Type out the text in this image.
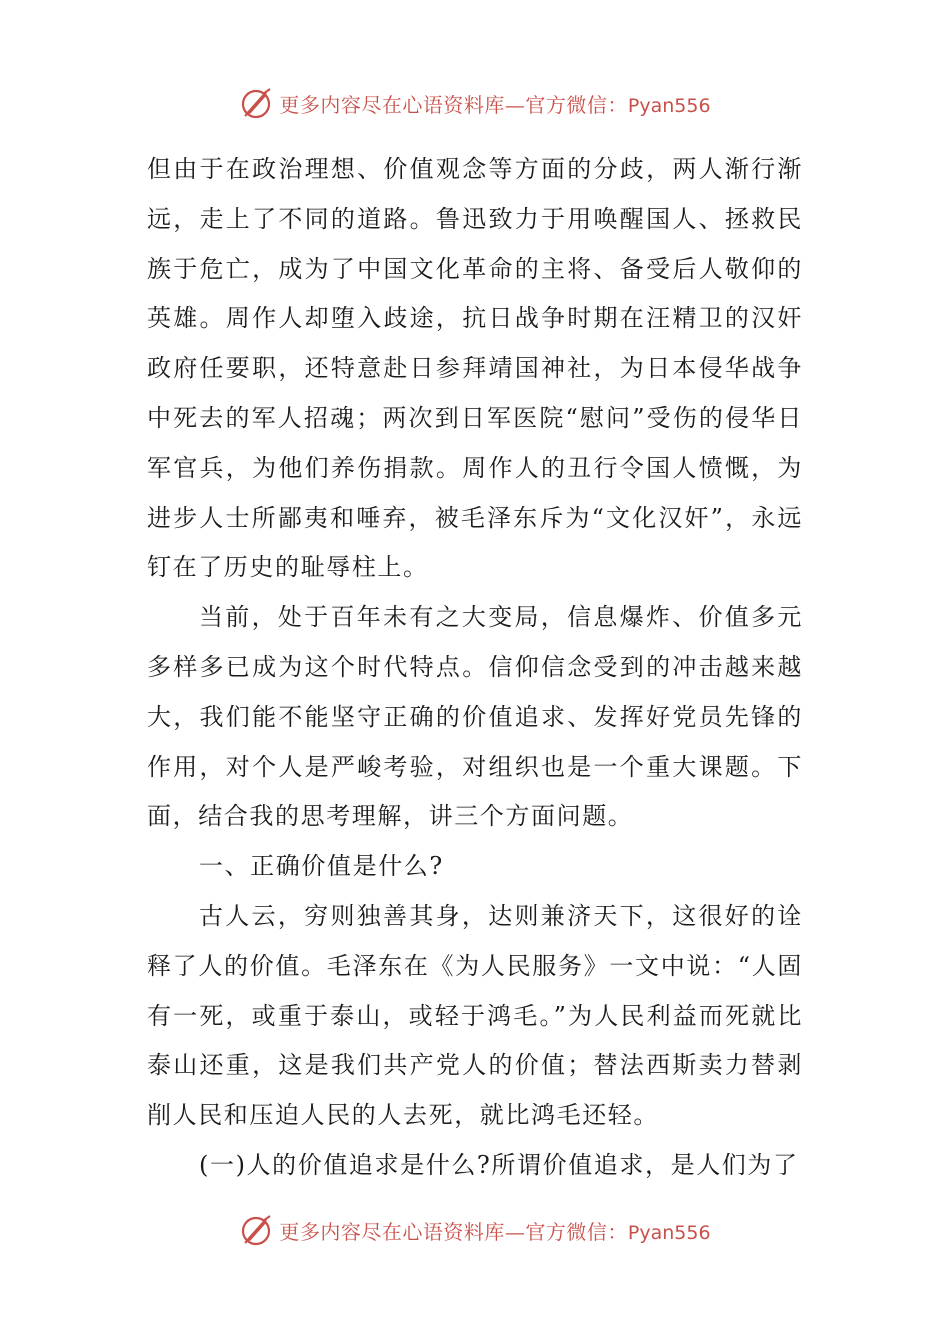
更多内容尽在心语资料库—官方微信：Pyan556

但由于在政治理想、价值观念等方面的分歧，两人渐行渐远，走上了不同的道路。鲁迅致力于用唤醒国人、拯救民族于危亡，成为了中国文化革命的主将、备受后人敬仰的英雄。周作人却堕入歧途，抗日战争时期在汪精卫的汉奸政府任要职，还特意赴日参拜靖国神社，为日本侵华战争中死去的军人招魂；两次到日军医院“慰问”受伤的侵华日军官兵，为他们养伤捐款。周作人的丑行令国人愤慨，为进步人士所鄙夷和唾弃，被毛泽东斥为“文化汉奸”，永远钉在了历史的耻辱柱上。

当前，处于百年未有之大变局，信息爆炸、价值多元多样多已成为这个时代特点。信仰信念受到的冲击越来越大，我们能不能坚守正确的价值追求、发挥好党员先锋的作用，对个人是严峻考验，对组织也是一个重大课题。下面，结合我的思考理解，讲三个方面问题。

一、正确价值是什么?

古人云，穷则独善其身，达则兼济天下，这很好的诠释了人的价值。毛泽东在《为人民服务》一文中说：“人固有一死，或重于泰山，或轻于鸿毛。”为人民利益而死就比泰山还重，这是我们共产党人的价值；替法西斯卖力替剥削人民和压迫人民的人去死，就比鸿毛还轻。

(一)人的价值追求是什么?所谓价值追求，是人们为了

更多内容尽在心语资料库—官方微信：Pyan556
